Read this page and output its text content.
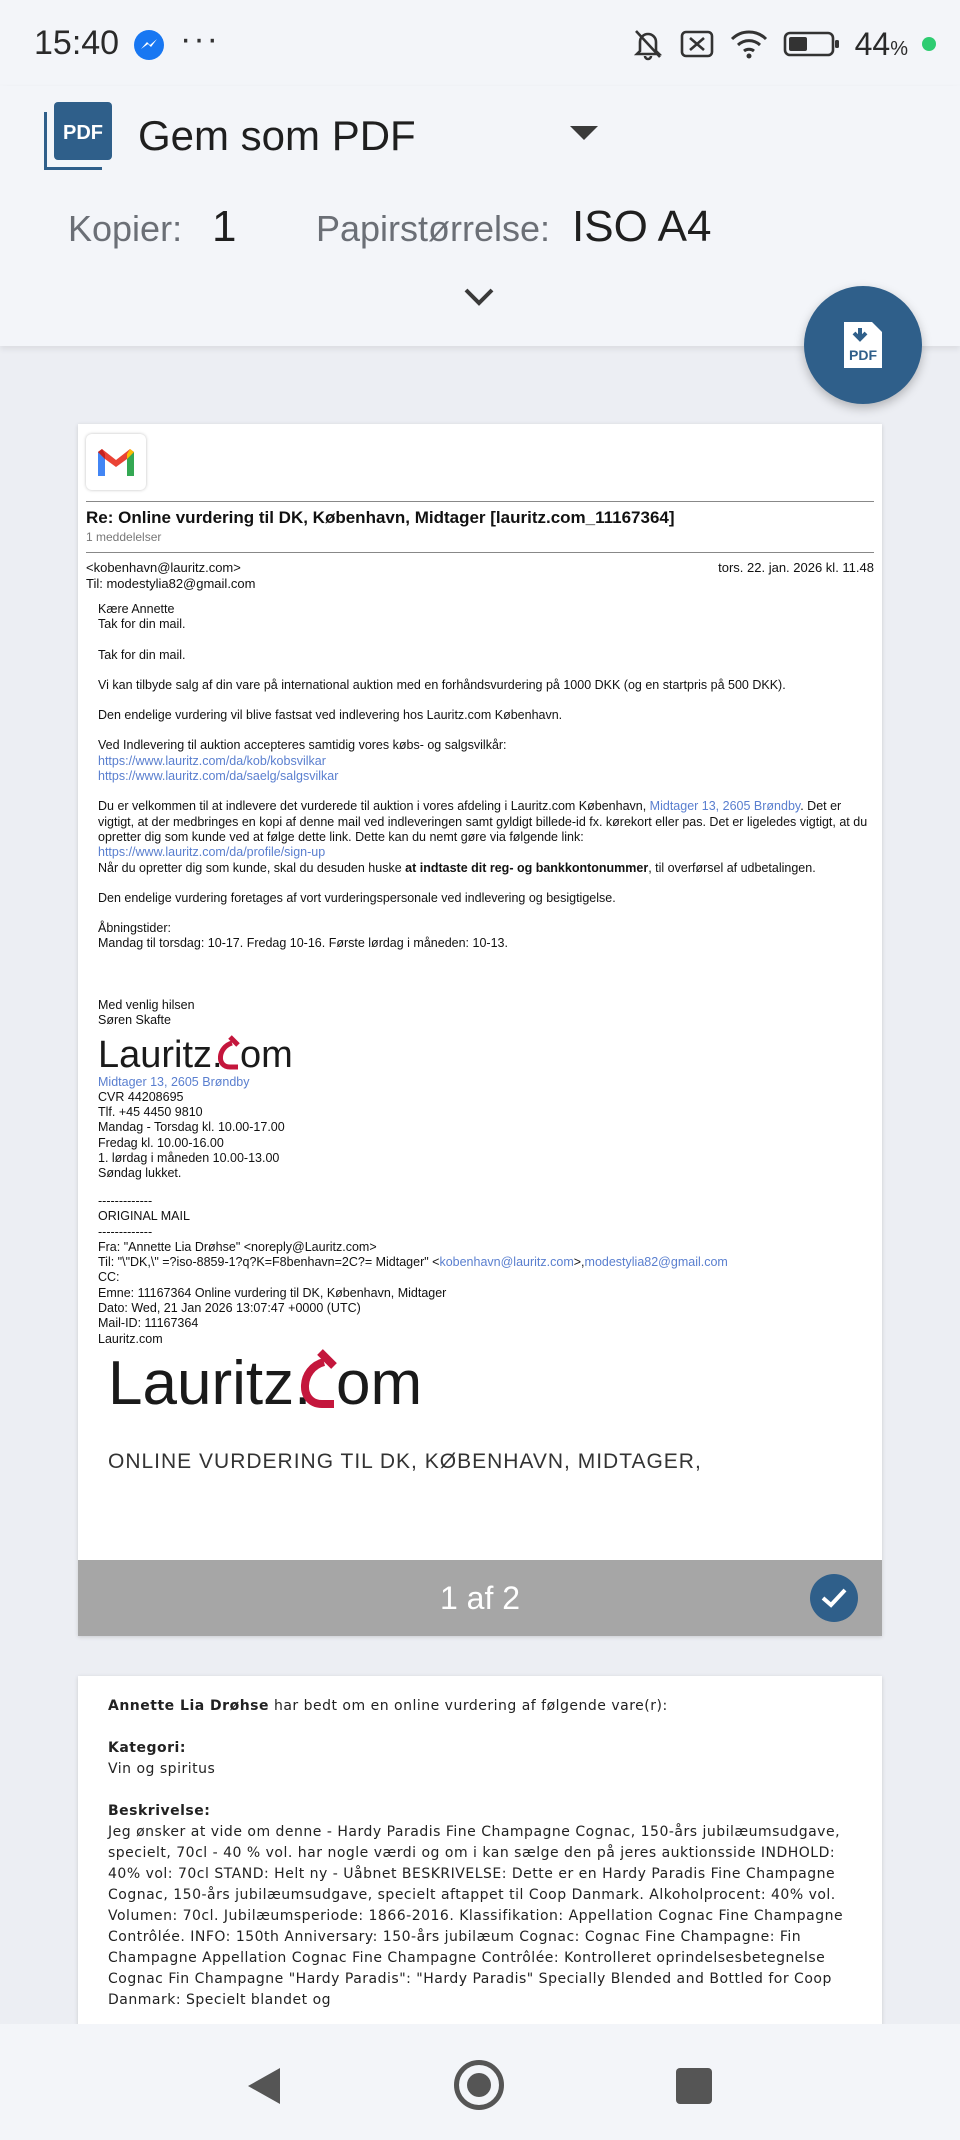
15:40 ···	44%
PDF Gem som PDF
Kopier: 1 Papirstørrelse: ISO A4
PDF
Re: Online vurdering til DK, København, Midtager [lauritz.com_11167364]
1 meddelelser
<kobenhavn@lauritz.com>
Til: modestylia82@gmail.com
tors. 22. jan. 2026 kl. 11.48
Kære Annette

Tak for din mail.

Tak for din mail.

Vi kan tilbyde salg af din vare på international auktion med en forhåndsvurdering på 1000 DKK (og en startpris på 500 DKK).

Den endelige vurdering vil blive fastsat ved indlevering hos Lauritz.com København.

Ved Indlevering til auktion accepteres samtidig vores købs- og salgsvilkår:
https://www.lauritz.com/da/kob/kobsvilkar
https://www.lauritz.com/da/saelg/salgsvilkar

Du er velkommen til at indlevere det vurderede til auktion i vores afdeling i Lauritz.com København, Midtager 13, 2605 Brøndby. Det er vigtigt, at der medbringes en kopi af denne mail ved indleveringen samt gyldigt billede-id fx. kørekort eller pas. Det er ligeledes vigtigt, at du opretter dig som kunde ved at følge dette link. Dette kan du nemt gøre via følgende link:
https://www.lauritz.com/da/profile/sign-up
Når du opretter dig som kunde, skal du desuden huske at indtaste dit reg- og bankkontonummer, til overførsel af udbetalingen.

Den endelige vurdering foretages af vort vurderingspersonale ved indlevering og besigtigelse.

Åbningstider:
Mandag til torsdag: 10-17. Fredag 10-16. Første lørdag i måneden: 10-13.

Med venlig hilsen
Søren Skafte
Lauritz. om
Midtager 13, 2605 Brøndby
CVR 44208695
Tlf. +45 4450 9810
Mandag - Torsdag kl. 10.00-17.00
Fredag kl. 10.00-16.00
1. lørdag i måneden 10.00-13.00
Søndag lukket.
-------------
ORIGINAL MAIL
-------------
Fra: "Annette Lia Drøhse" <noreply@Lauritz.com>
Til: "\"DK,\" =?iso-8859-1?q?K=F8benhavn=2C?= Midtager" <kobenhavn@lauritz.com>,modestylia82@gmail.com
CC:
Emne: 11167364 Online vurdering til DK, København, Midtager
Dato: Wed, 21 Jan 2026 13:07:47 +0000 (UTC)
Mail-ID: 11167364
Lauritz.com
Lauritz. om
ONLINE VURDERING TIL DK, KØBENHAVN, MIDTAGER,
1 af 2

Annette Lia Drøhse har bedt om en online vurdering af følgende vare(r):

Kategori:
Vin og spiritus

Beskrivelse:
Jeg ønsker at vide om denne - Hardy Paradis Fine Champagne Cognac, 150-års jubilæumsudgave, specielt, 70cl - 40 % vol. har nogle værdi og om i kan sælge den på jeres auktionsside INDHOLD: 40% vol: 70cl STAND: Helt ny - Uåbnet BESKRIVELSE: Dette er en Hardy Paradis Fine Champagne Cognac, 150-års jubilæumsudgave, specielt aftappet til Coop Danmark. Alkoholprocent: 40% vol. Volumen: 70cl. Jubilæumsperiode: 1866-2016. Klassifikation: Appellation Cognac Fine Champagne Contrôlée. INFO: 150th Anniversary: 150-års jubilæum Cognac: Cognac Fine Champagne: Fin Champagne Appellation Cognac Fine Champagne Contrôlée: Kontrolleret oprindelsesbetegnelse Cognac Fin Champagne "Hardy Paradis": "Hardy Paradis" Specially Blended and Bottled for Coop Danmark: Specielt blandet og
